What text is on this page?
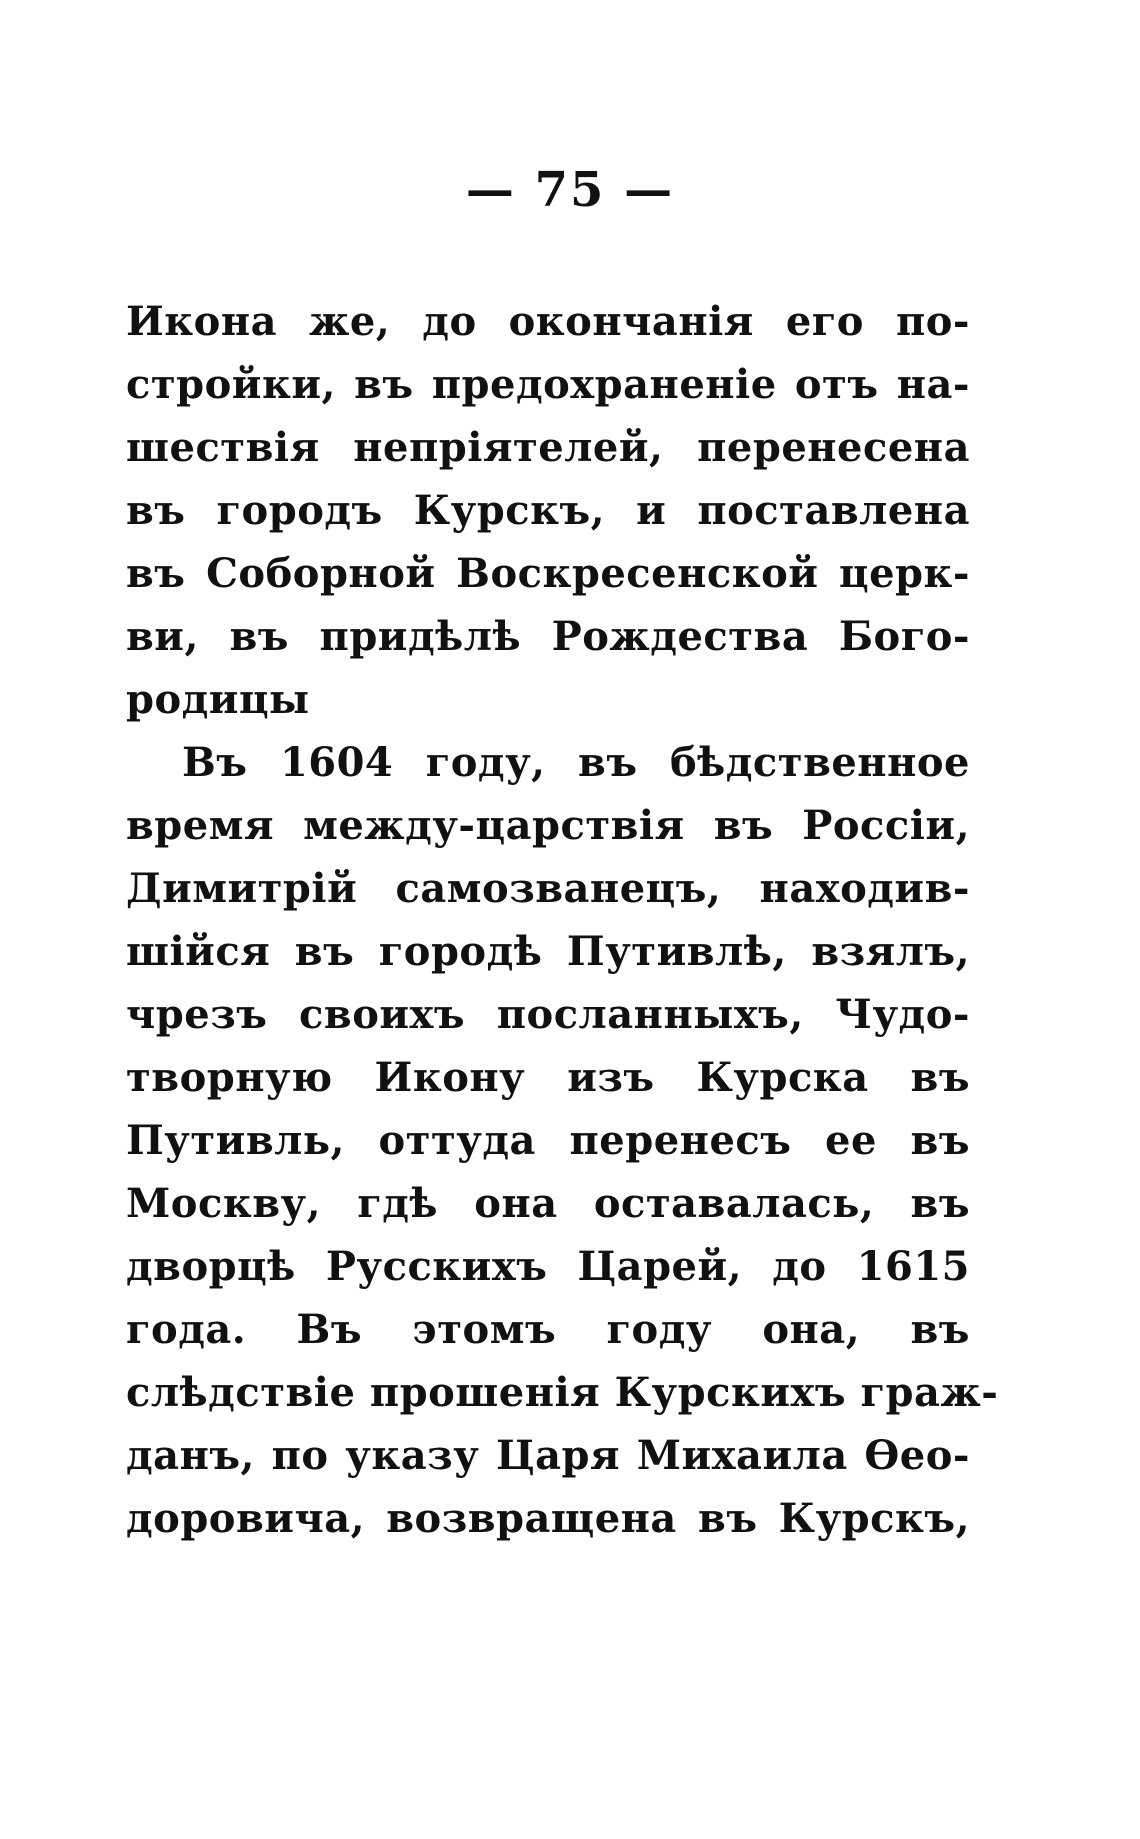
— 75 —
Икона же, до окончанія его по-
стройки, въ предохраненіе отъ на-
шествія непріятелей, перенесена
въ городъ Курскъ, и поставлена
въ Соборной Воскресенской церк-
ви, въ придѣлѣ Рождества Бого-
родицы
Въ 1604 году, въ бѣдственное
время между-царствія въ Россіи,
Димитрій самозванецъ, находив-
шійся въ городѣ Путивлѣ, взялъ,
чрезъ своихъ посланныхъ, Чудо-
творную Икону изъ Курска въ
Путивль, оттуда перенесъ ее въ
Москву, гдѣ она оставалась, въ
дворцѣ Русскихъ Царей, до 1615
года. Въ этомъ году она, въ
слѣдствіе прошенія Курскихъ граж-
данъ, по указу Царя Михаила Ѳео-
доровича, возвращена въ Курскъ,
